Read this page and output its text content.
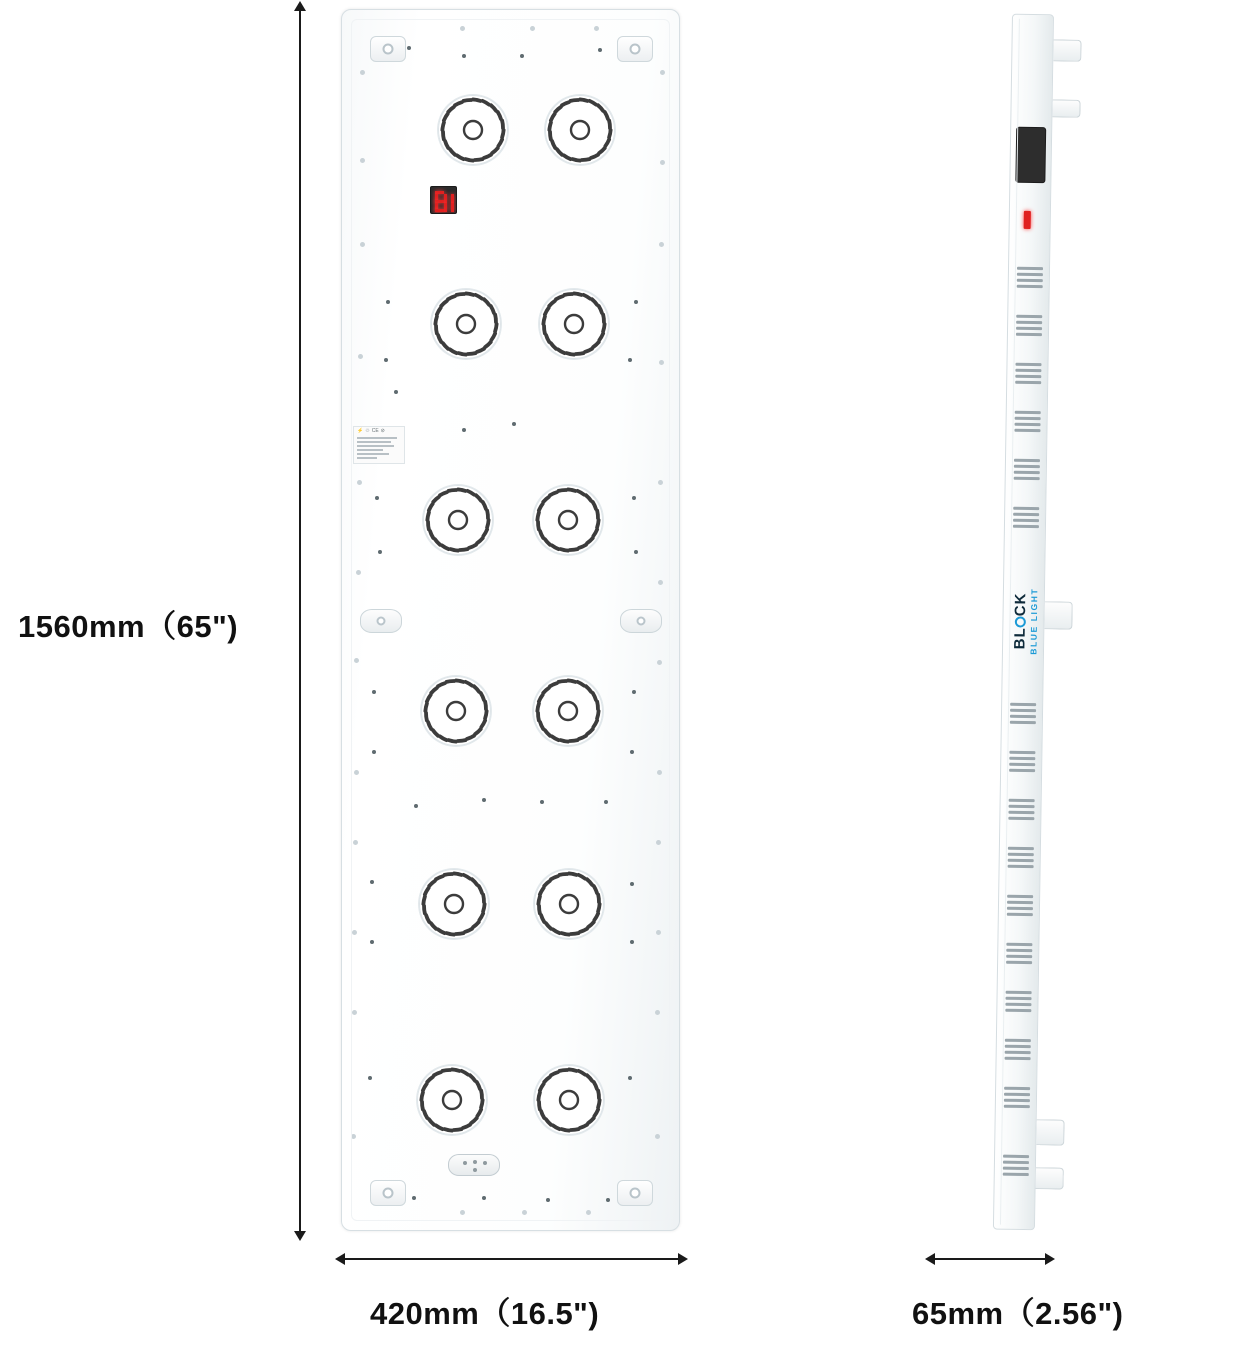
1560mm（65")
420mm（16.5")	65mm（2.56")
⚡ ♲ CE ⊘
BLCK BLUE LIGHT
